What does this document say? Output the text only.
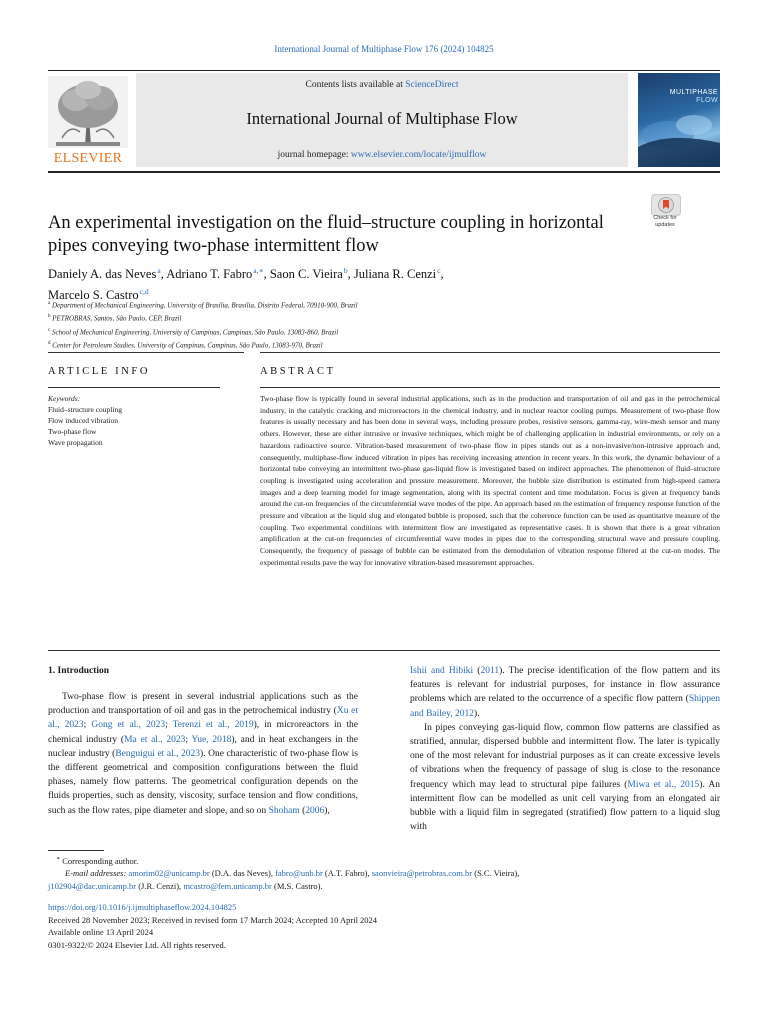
International Journal of Multiphase Flow 176 (2024) 104825
ELSEVIER
Contents lists available at ScienceDirect
International Journal of Multiphase Flow
journal homepage: www.elsevier.com/locate/ijmulflow
MULTIPHASE
FLOW
An experimental investigation on the fluid–structure coupling in horizontal
pipes conveying two-phase intermittent flow
Check for
updates
Daniely A. das Neves $^a$, Adriano T. Fabro $^{a,∗}$, Saon C. Vieira $^b$, Juliana R. Cenzi $^c$,
Marcelo S. Castro $^{c,d}$
$^a$ Department of Mechanical Engineering, University of Brasília, Brasília, Distrito Federal, 70910-900, Brazil
$^b$ PETROBRAS, Santos, São Paulo, CEP, Brazil
$^c$ School of Mechanical Engineering, University of Campinas, Campinas, São Paulo, 13083-860, Brazil
$^d$ Center for Petroleum Studies, University of Campinas, Campinas, São Paulo, 13083-970, Brazil
ARTICLE INFO
Keywords:
Fluid–structure coupling
Flow induced vibration
Two-phase flow
Wave propagation
ABSTRACT
Two-phase flow is typically found in several industrial applications, such as in the production and transportation of oil and gas in the petrochemical industry, in the catalytic cracking and microreactors in the chemical industry, and in nuclear reactor cooling pumps. Measurement of two-phase flow features is usually necessary and has been done in several ways, including pressure probes, resistive sensors, gamma-ray, wire-mesh sensor and many others. However, these are either intrusive or invasive techniques, which might be of challenging application in industrial environments, or rely on a hazardous radioactive source. Vibration-based measurement of two-phase flow in pipes stands out as a non-invasive/non-intrusive approach and, consequently, multiphase-flow induced vibration in pipes has receiving increasing attention in recent years. In this work, the dynamic behaviour of a horizontal tube conveying an intermittent two-phase gas-liquid flow is investigated based on indirect approaches. The phenomenon of fluid–structure coupling is investigated using acceleration and pressure measurement. Moreover, the bubble size distribution is estimated from high-speed camera images and a deep learning model for image segmentation, along with its spectral content and time modulation. Focus is given at frequency bands around the cut-on frequencies of the circumferential wave modes of the pipe. An approach based on the estimation of frequency response function of the pressure and vibration at the liquid slug and elongated bubble is proposed, such that the coherence function can be used as quantitative measure of the coupling. Two experimental conditions with intermittent flow are investigated as representative cases. It is shown that there is a great vibration amplification at the cut-on frequencies of circumferential wave modes in pipes due to the corresponding structural wave and pressure coupling. Consequently, the frequency of passage of bubble can be estimated from the demodulation of vibration response filtered at the cut-on modes. The experimental results pave the way for innovative vibration-based measurement approaches.
1. Introduction

Two-phase flow is present in several industrial applications such as the production and transportation of oil and gas in the petrochemical industry (Xu et al., 2023; Gong et al., 2023; Terenzi et al., 2019), in microreactors in the chemical industry (Ma et al., 2023; Yue, 2018), and in heat exchangers in the nuclear industry (Benguigui et al., 2023). One characteristic of two-phase flow is the different geometrical and composition configurations between the fluid phases, namely flow patterns. The geometrical configuration depends on the fluids properties, such as density, viscosity, surface tension and flow conditions, such as the flow rates, pipe diameter and slope, and so on Shoham (2006),

Ishii and Hibiki (2011). The precise identification of the flow pattern and its features is relevant for industrial purposes, for instance in flow assurance problems which are related to the occurrence of a specific flow pattern (Shippen and Bailey, 2012).

In pipes conveying gas-liquid flow, common flow patterns are classified as stratified, annular, dispersed bubble and intermittent flow. The later is typically one of the most relevant for industrial purposes as it can create excessive levels of vibrations when the frequency of passage of slug is close to the resonance frequency which may lead to structural pipe failures (Miwa et al., 2015). An intermittent flow can be modelled as unit cell varying from an elongated air bubble with a liquid film in segregated (stratified) flow pattern to a liquid slug with

∗ Corresponding author.
E-mail addresses: amorim02@unicamp.br (D.A. das Neves), fabro@unb.br (A.T. Fabro), saonvieira@petrobras.com.br (S.C. Vieira),
j102904@dac.unicamp.br (J.R. Cenzi), mcastro@fem.unicamp.br (M.S. Castro).
https://doi.org/10.1016/j.ijmultiphaseflow.2024.104825
Received 28 November 2023; Received in revised form 17 March 2024; Accepted 10 April 2024
Available online 13 April 2024
0301-9322/© 2024 Elsevier Ltd. All rights reserved.
